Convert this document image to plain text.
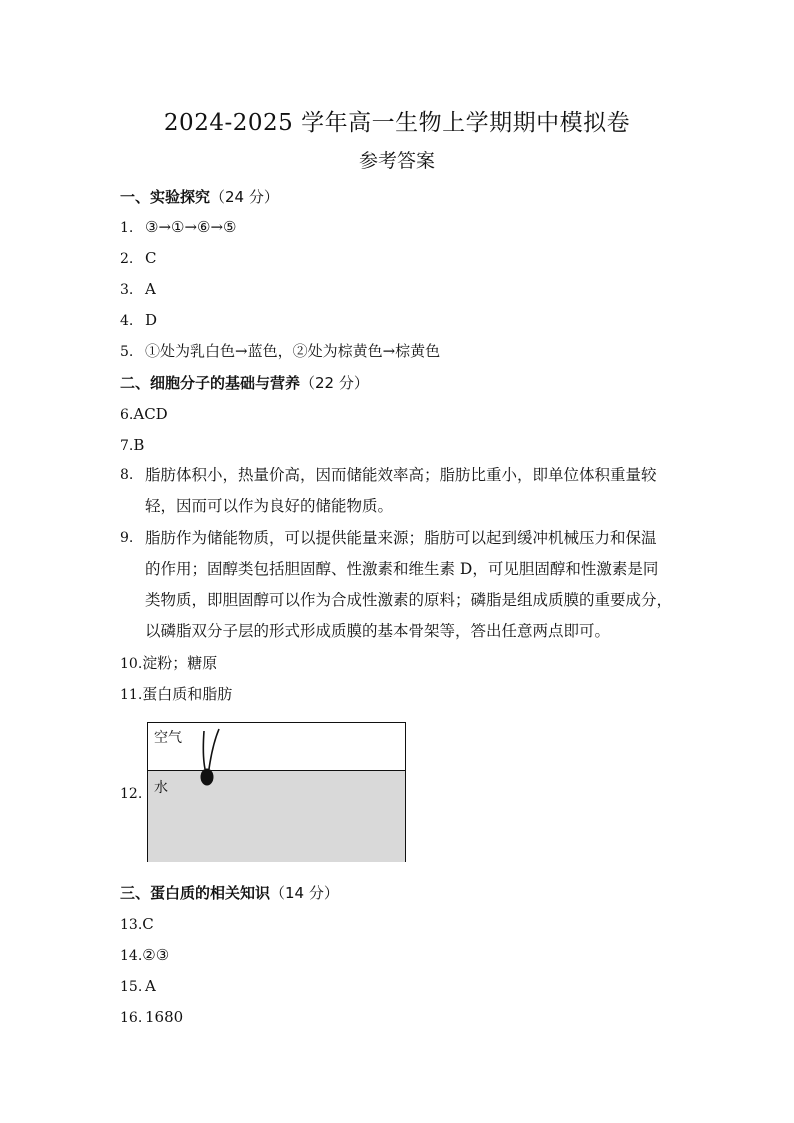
2024-2025 学年高一生物上学期期中模拟卷
参考答案
一、实验探究（24 分）
1. ③→①→⑥→⑤
2. C
3. A
4. D
5. ①处为乳白色→蓝色，②处为棕黄色→棕黄色
二、细胞分子的基础与营养（22 分）
6.ACD
7.B
8. 脂肪体积小，热量价高，因而储能效率高；脂肪比重小，即单位体积重量较
轻，因而可以作为良好的储能物质。
9. 脂肪作为储能物质，可以提供能量来源；脂肪可以起到缓冲机械压力和保温
的作用；固醇类包括胆固醇、性激素和维生素 D，可见胆固醇和性激素是同
类物质，即胆固醇可以作为合成性激素的原料；磷脂是组成质膜的重要成分，
以磷脂双分子层的形式形成质膜的基本骨架等，答出任意两点即可。
10.淀粉；糖原
11.蛋白质和脂肪
12.
空气
水
三、蛋白质的相关知识（14 分）
13.C
14.②③
15. A
16. 1680
